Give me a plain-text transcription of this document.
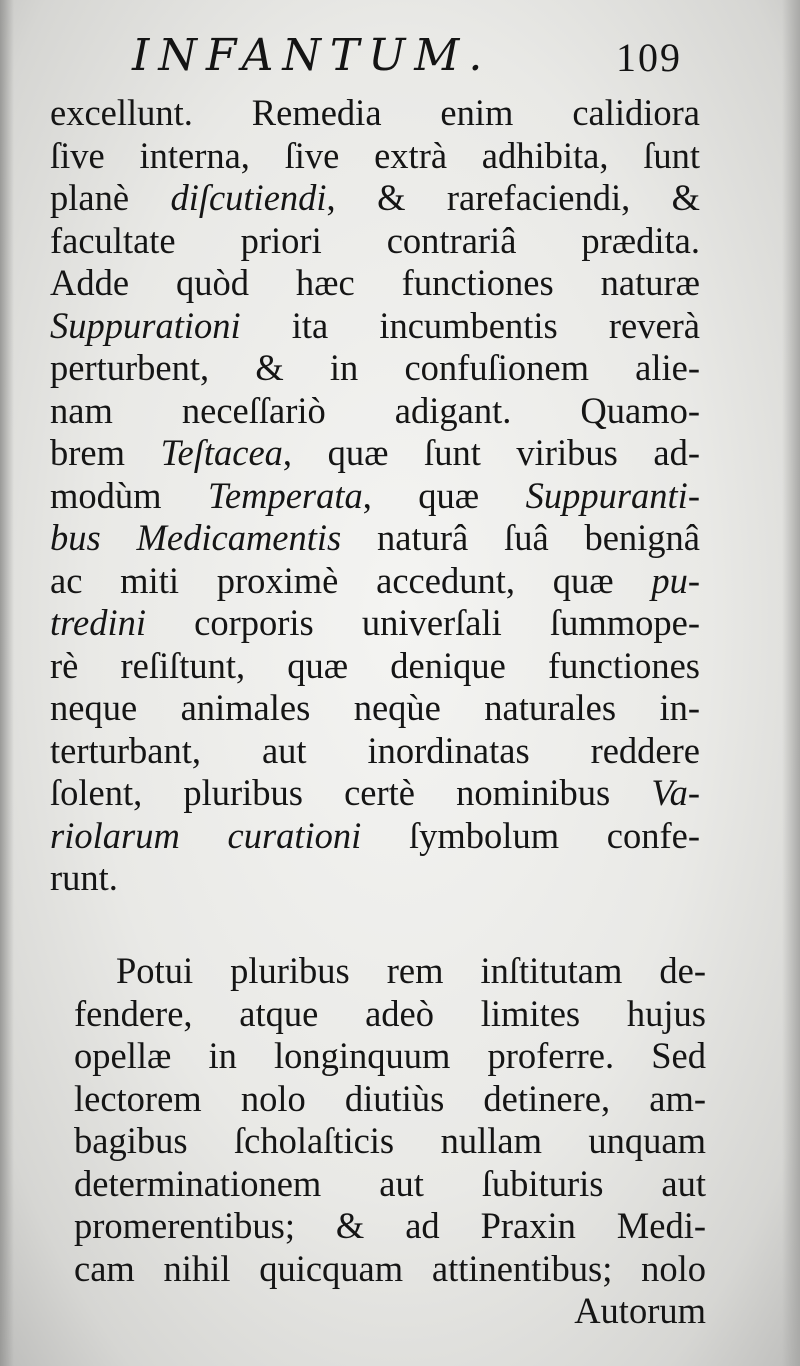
INFANTUM.	109
excellunt. Remedia enim calidiora
ſive interna, ſive extrà adhibita, ſunt
planè diſcutiendi, & rarefaciendi, &
facultate priori contrariâ prædita.
Adde quòd hæc functiones naturæ
Suppurationi ita incumbentis reverà
perturbent, & in confuſionem alie-
nam neceſſariò adigant. Quamo-
brem Teſtacea, quæ ſunt viribus ad-
modùm Temperata, quæ Suppuranti-
bus Medicamentis naturâ ſuâ benignâ
ac miti proximè accedunt, quæ pu-
tredini corporis univerſali ſummope-
rè reſiſtunt, quæ denique functiones
neque animales neqùe naturales in-
terturbant, aut inordinatas reddere
ſolent, pluribus certè nominibus Va-
riolarum curationi ſymbolum confe-
runt.
Potui pluribus rem inſtitutam de-
fendere, atque adeò limites hujus
opellæ in longinquum proferre. Sed
lectorem nolo diutiùs detinere, am-
bagibus ſcholaſticis nullam unquam
determinationem aut ſubituris aut
promerentibus; & ad Praxin Medi-
cam nihil quicquam attinentibus; nolo
Autorum
